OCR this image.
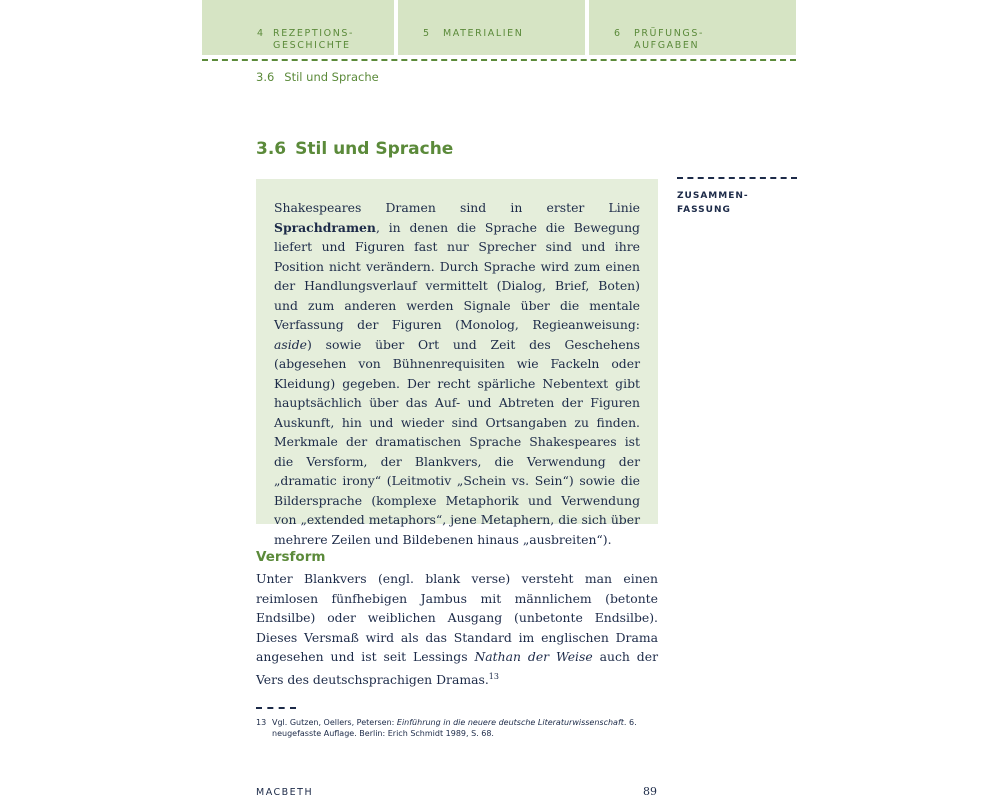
4 REZEPTIONS-
GESCHICHTE
5 MATERIALIEN	6 PRÜFUNGS-
AUFGABEN
3.6 Stil und Sprache
3.6 Stil und Sprache

Shakespeares Dramen sind in erster Linie Sprachdramen, in denen die Sprache die Bewegung liefert und Figuren fast nur Sprecher sind und ihre Position nicht verändern. Durch Sprache wird zum einen der Handlungsverlauf vermittelt (Dialog, Brief, Boten) und zum anderen werden Signale über die mentale Verfassung der Figuren (Monolog, Regieanweisung: aside) sowie über Ort und Zeit des Geschehens (abgesehen von Bühnenrequisiten wie Fackeln oder Kleidung) gegeben. Der recht spärliche Nebentext gibt hauptsächlich über das Auf- und Abtreten der Figuren Auskunft, hin und wieder sind Ortsangaben zu finden. Merkmale der dramatischen Sprache Shakespeares ist die Versform, der Blankvers, die Verwendung der „dramatic irony“ (Leitmotiv „Schein vs. Sein“) sowie die Bildersprache (komplexe Metaphorik und Verwendung von „extended metaphors“, jene Metaphern, die sich über mehrere Zeilen und Bildebenen hinaus „ausbreiten“).

ZUSAMMEN-
FASSUNG
Versform

Unter Blankvers (engl. blank verse) versteht man einen reimlosen fünfhebigen Jambus mit männlichem (betonte Endsilbe) oder weiblichen Ausgang (unbetonte Endsilbe). Dieses Versmaß wird als das Standard im englischen Drama angesehen und ist seit Lessings Nathan der Weise auch der Vers des deutschsprachigen Dramas.$^{13}$

13 Vgl. Gutzen, Oellers, Petersen: Einführung in die neuere deutsche Literaturwissenschaft. 6. neugefasste Auflage. Berlin: Erich Schmidt 1989, S. 68.
MACBETH	89
